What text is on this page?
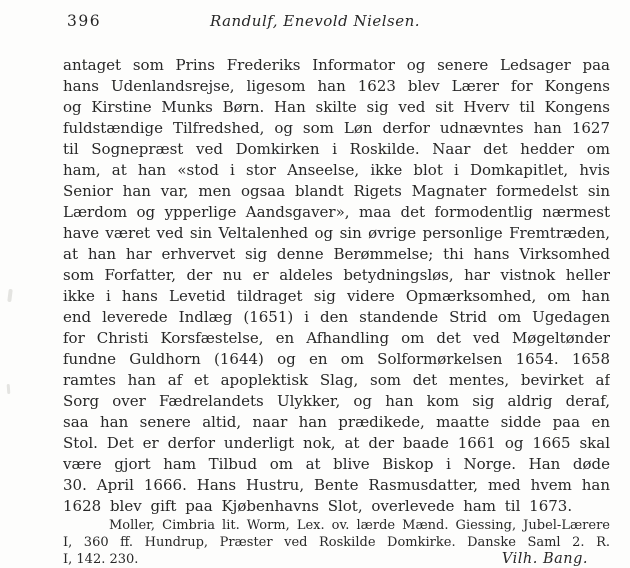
396	Randulf, Enevold Nielsen.
antaget som Prins Frederiks Informator og senere Ledsager paa
hans Udenlandsrejse, ligesom han 1623 blev Lærer for Kongens
og Kirstine Munks Børn. Han skilte sig ved sit Hverv til Kongens
fuldstændige Tilfredshed, og som Løn derfor udnævntes han 1627
til Sognepræst ved Domkirken i Roskilde. Naar det hedder om
ham, at han «stod i stor Anseelse, ikke blot i Domkapitlet, hvis
Senior han var, men ogsaa blandt Rigets Magnater formedelst sin
Lærdom og ypperlige Aandsgaver», maa det formodentlig nærmest
have været ved sin Veltalenhed og sin øvrige personlige Fremtræden,
at han har erhvervet sig denne Berømmelse; thi hans Virksomhed
som Forfatter, der nu er aldeles betydningsløs, har vistnok heller
ikke i hans Levetid tildraget sig videre Opmærksomhed, om han
end leverede Indlæg (1651) i den standende Strid om Ugedagen
for Christi Korsfæstelse, en Afhandling om det ved Møgeltønder
fundne Guldhorn (1644) og en om Solformørkelsen 1654. 1658
ramtes han af et apoplektisk Slag, som det mentes, bevirket af
Sorg over Fædrelandets Ulykker, og han kom sig aldrig deraf,
saa han senere altid, naar han prædikede, maatte sidde paa en
Stol. Det er derfor underligt nok, at der baade 1661 og 1665 skal
være gjort ham Tilbud om at blive Biskop i Norge. Han døde
30. April 1666. Hans Hustru, Bente Rasmusdatter, med hvem han
1628 blev gift paa Kjøbenhavns Slot, overlevede ham til 1673.
Moller, Cimbria lit. Worm, Lex. ov. lærde Mænd. Giessing, Jubel-Lærere
I, 360 ff. Hundrup, Præster ved Roskilde Domkirke. Danske Saml 2. R.
I, 142. 230.	Vilh. Bang.
